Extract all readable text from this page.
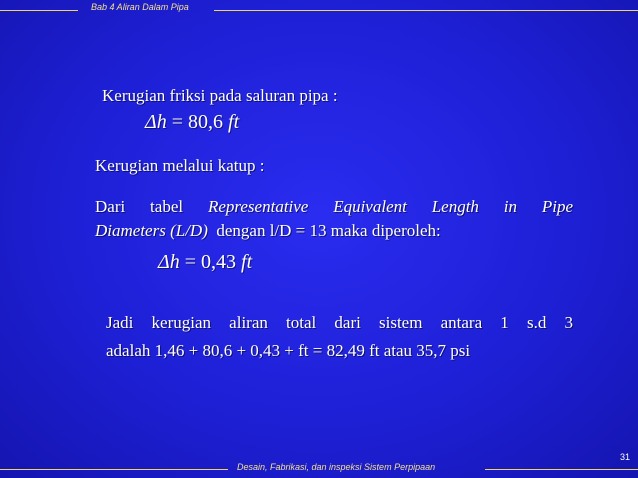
Bab 4 Aliran Dalam Pipa
Kerugian friksi pada saluran pipa :
Δh = 80,6 ft
Kerugian melalui katup :
Dari tabel Representative Equivalent Length in Pipe
Diameters (L/D) dengan l/D = 13 maka diperoleh:
Δh = 0,43 ft
Jadi kerugian aliran total dari sistem antara 1 s.d 3
adalah 1,46 + 80,6 + 0,43 + ft = 82,49 ft atau 35,7 psi
31
Desain, Fabrikasi, dan inspeksi Sistem Perpipaan
